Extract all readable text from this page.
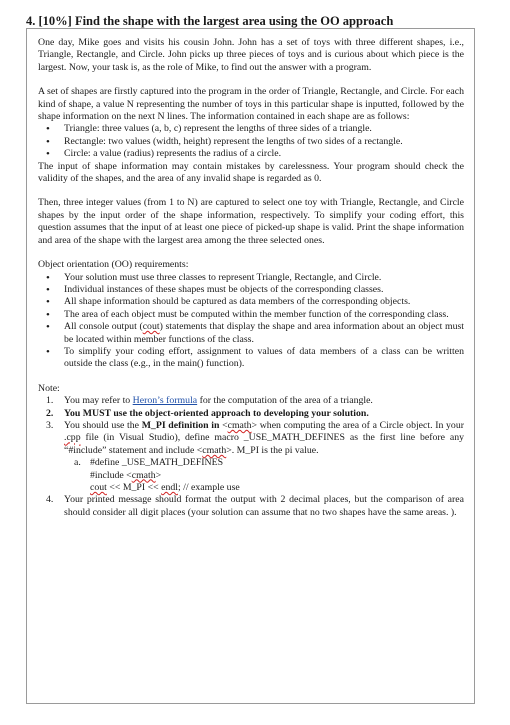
4. [10%] Find the shape with the largest area using the OO approach

One day, Mike goes and visits his cousin John. John has a set of toys with three different shapes, i.e., Triangle, Rectangle, and Circle. John picks up three pieces of toys and is curious about which piece is the largest. Now, your task is, as the role of Mike, to find out the answer with a program.

A set of shapes are firstly captured into the program in the order of Triangle, Rectangle, and Circle. For each kind of shape, a value N representing the number of toys in this particular shape is inputted, followed by the shape information on the next N lines. The information contained in each shape are as follows:

• Triangle: three values (a, b, c) represent the lengths of three sides of a triangle.
• Rectangle: two values (width, height) represent the lengths of two sides of a rectangle.
• Circle: a value (radius) represents the radius of a circle.

The input of shape information may contain mistakes by carelessness. Your program should check the validity of the shapes, and the area of any invalid shape is regarded as 0.

Then, three integer values (from 1 to N) are captured to select one toy with Triangle, Rectangle, and Circle shapes by the input order of the shape information, respectively. To simplify your coding effort, this question assumes that the input of at least one piece of picked-up shape is valid. Print the shape information and area of the shape with the largest area among the three selected ones.

Object orientation (OO) requirements:

• Your solution must use three classes to represent Triangle, Rectangle, and Circle.
• Individual instances of these shapes must be objects of the corresponding classes.
• All shape information should be captured as data members of the corresponding objects.
• The area of each object must be computed within the member function of the corresponding class.
• All console output (cout) statements that display the shape and area information about an object must be located within member functions of the class.
• To simplify your coding effort, assignment to values of data members of a class can be written outside the class (e.g., in the main() function).

Note:

1. You may refer to Heron’s formula for the computation of the area of a triangle.
2. You MUST use the object-oriented approach to developing your solution.
3. You should use the M_PI definition in <cmath> when computing the area of a Circle object. In your .cpp file (in Visual Studio), define macro _USE_MATH_DEFINES as the first line before any “#include” statement and include <cmath>. M_PI is the pi value.
a. #define _USE_MATH_DEFINES
#include <cmath>
cout << M_PI << endl; // example use
4. Your printed message should format the output with 2 decimal places, but the comparison of area should consider all digit places (your solution can assume that no two shapes have the same areas. ).
